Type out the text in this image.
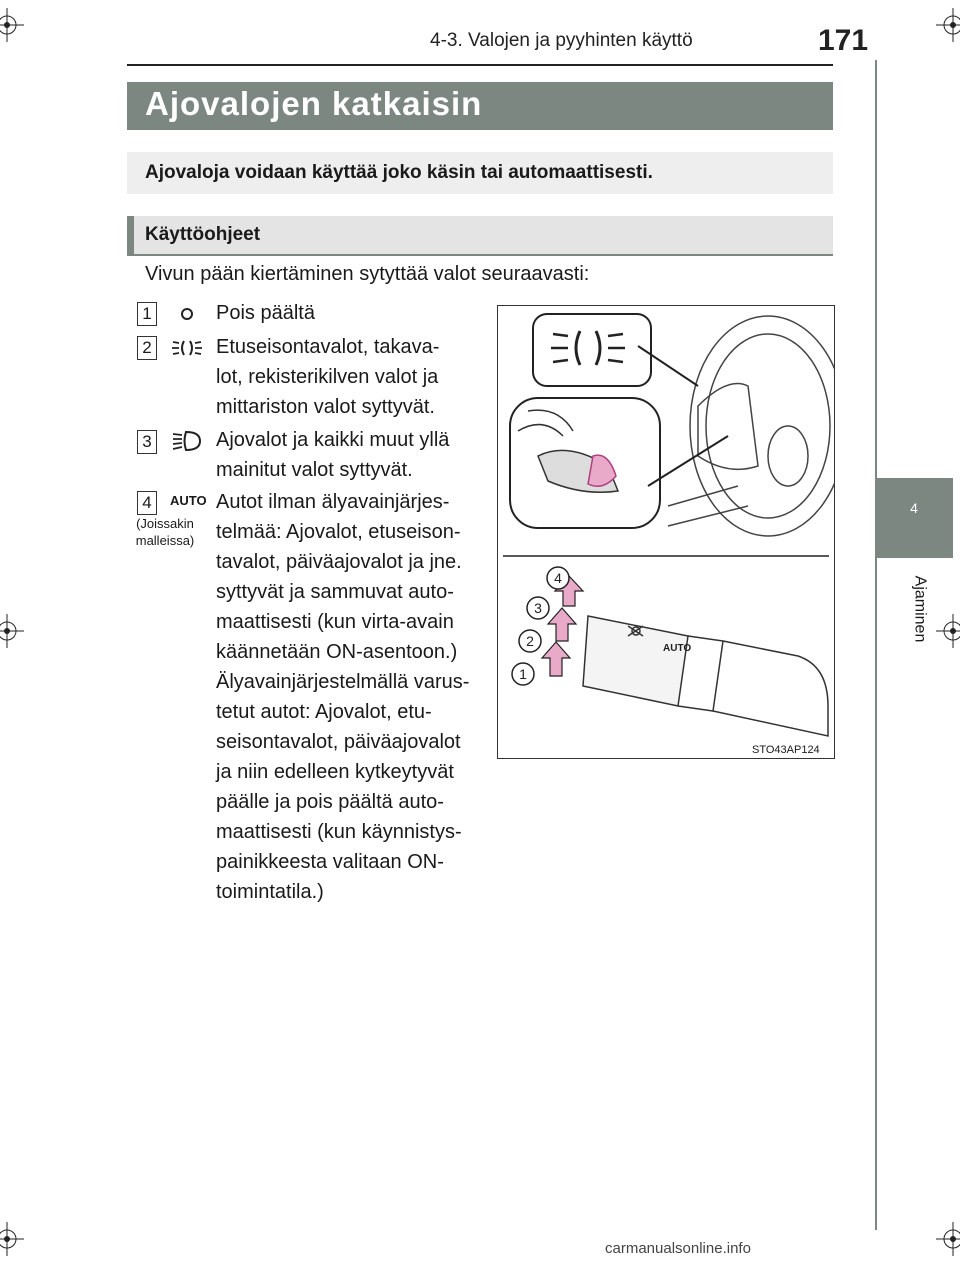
4-3. Valojen ja pyyhinten käyttö	171
Ajovalojen katkaisin
Ajovaloja voidaan käyttää joko käsin tai automaattisesti.
Käyttöohjeet
Vivun pään kiertäminen sytyttää valot seuraavasti:
1	Pois päältä
2	Etuseisontavalot, takava-
lot, rekisterikilven valot ja
mittariston valot syttyvät.
3	Ajovalot ja kaikki muut yllä
mainitut valot syttyvät.
4	AUTO
(Joissakin malleissa)
Autot ilman älyavainjärjes-
telmää: Ajovalot, etuseison-
tavalot, päiväajovalot ja jne.
syttyvät ja sammuvat auto-
maattisesti (kun virta-avain
käännetään ON-asentoon.)
Älyavainjärjestelmällä varus-
tetut autot: Ajovalot, etu-
seisontavalot, päiväajovalot
ja niin edelleen kytkeytyvät
päälle ja pois päältä auto-
maattisesti (kun käynnistys-
painikkeesta valitaan ON-
toimintatila.)
AUTO
1
2
3
4
STO43AP124
4
Ajaminen
carmanualsonline.info
